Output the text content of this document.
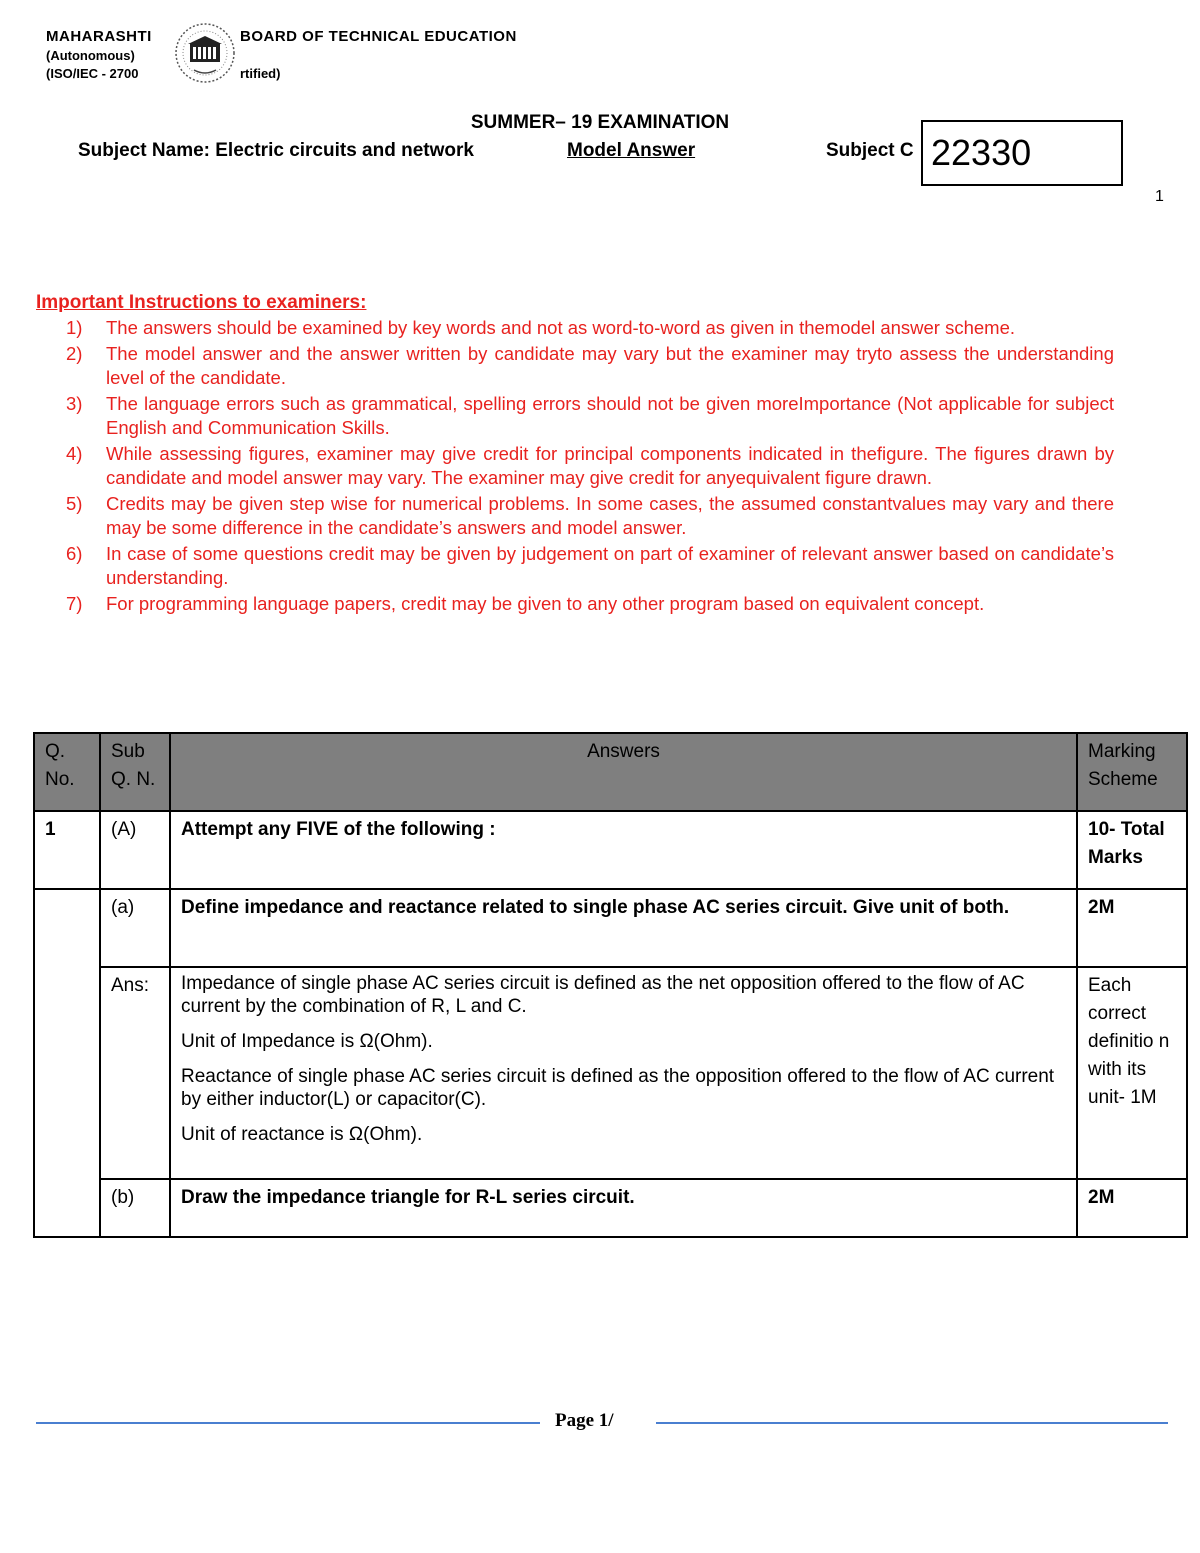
MAHARASHTI	BOARD OF TECHNICAL EDUCATION
(Autonomous)
(ISO/IEC - 2700	rtified)
SUMMER– 19 EXAMINATION
Subject Name: Electric circuits and network	Model Answer	Subject C 22330
1
Important Instructions to examiners:
1) The answers should be examined by key words and not as word-to-word as given in themodel answer scheme.
2) The model answer and the answer written by candidate may vary but the examiner may tryto assess the understanding level of the candidate.
3) The language errors such as grammatical, spelling errors should not be given moreImportance (Not applicable for subject English and Communication Skills.
4) While assessing figures, examiner may give credit for principal components indicated in thefigure. The figures drawn by candidate and model answer may vary. The examiner may give credit for anyequivalent figure drawn.
5) Credits may be given step wise for numerical problems. In some cases, the assumed constantvalues may vary and there may be some difference in the candidate’s answers and model answer.
6) In case of some questions credit may be given by judgement on part of examiner of relevant answer based on candidate’s understanding.
7) For programming language papers, credit may be given to any other program based on equivalent concept.
Q. No.	Sub Q. N.	Answers	Marking Scheme
1	(A)	Attempt any FIVE of the following :	10- Total Marks
	(a)	Define impedance and reactance related to single phase AC series circuit. Give unit of both.	2M
	Ans:	Impedance of single phase AC series circuit is defined as the net opposition offered to the flow of AC current by the combination of R, L and C.

Unit of Impedance is Ω(Ohm).

Reactance of single phase AC series circuit is defined as the opposition offered to the flow of AC current by either inductor(L) or capacitor(C).

Unit of reactance is Ω(Ohm).	Each correct definitio n with its unit- 1M
	(b)	Draw the impedance triangle for R-L series circuit.	2M
Page 1/
